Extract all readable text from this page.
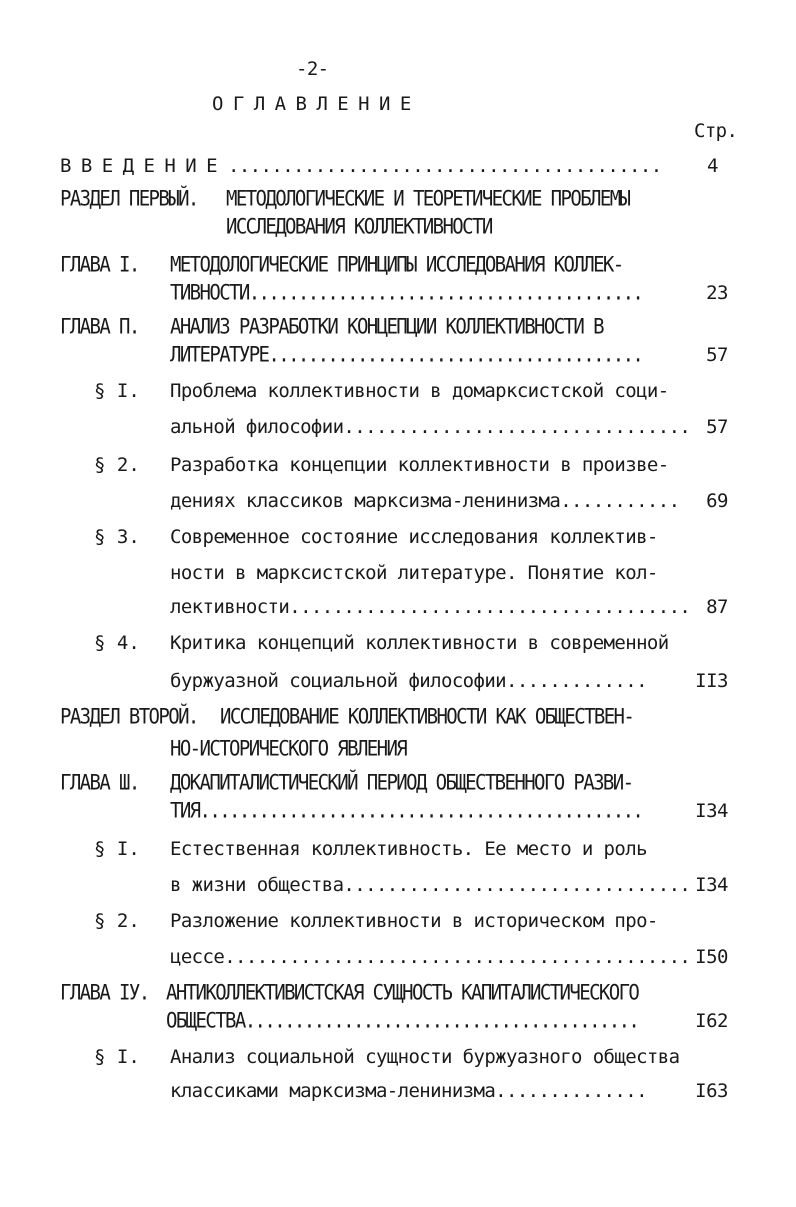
-2-
О Г Л А В Л Е Н И Е
Стр.
В В Е Д Е Н И Е ........................................	4
РАЗДЕЛ ПЕРВЫЙ. МЕТОДОЛОГИЧЕСКИЕ И ТЕОРЕТИЧЕСКИЕ ПРОБЛЕМЫ
ИССЛЕДОВАНИЯ КОЛЛЕКТИВНОСТИ
ГЛАВА I. МЕТОДОЛОГИЧЕСКИЕ ПРИНЦИПЫ ИССЛЕДОВАНИЯ КОЛЛЕК-
ТИВНОСТИ........................................	23
ГЛАВА П. АНАЛИЗ РАЗРАБОТКИ КОНЦЕПЦИИ КОЛЛЕКТИВНОСТИ В
ЛИТЕРАТУРЕ......................................	57
§ I. Проблема коллективности в домарксистской соци-
альной философии................................ 57
§ 2. Разработка концепции коллективности в произве-
дениях классиков марксизма-ленинизма...........	69
§ 3. Современное состояние исследования коллектив-
ности в марксистской литературе. Понятие кол-
лективности..................................... 87
§ 4. Критика концепций коллективности в современной
буржуазной социальной философии.............	II3
РАЗДЕЛ ВТОРОЙ. ИССЛЕДОВАНИЕ КОЛЛЕКТИВНОСТИ КАК ОБЩЕСТВЕН-
НО-ИСТОРИЧЕСКОГО ЯВЛЕНИЯ
ГЛАВА Ш. ДОКАПИТАЛИСТИЧЕСКИЙ ПЕРИОД ОБЩЕСТВЕННОГО РАЗВИ-
ТИЯ.............................................	I34
§ I. Естественная коллективность. Ее место и роль
в жизни общества................................ I34
§ 2. Разложение коллективности в историческом про-
цессе........................................... I50
ГЛАВА IУ. АНТИКОЛЛЕКТИВИСТСКАЯ СУЩНОСТЬ КАПИТАЛИСТИЧЕСКОГО
ОБЩЕСТВА........................................	I62
§ I. Анализ социальной сущности буржуазного общества
классиками марксизма-ленинизма..............	I63
